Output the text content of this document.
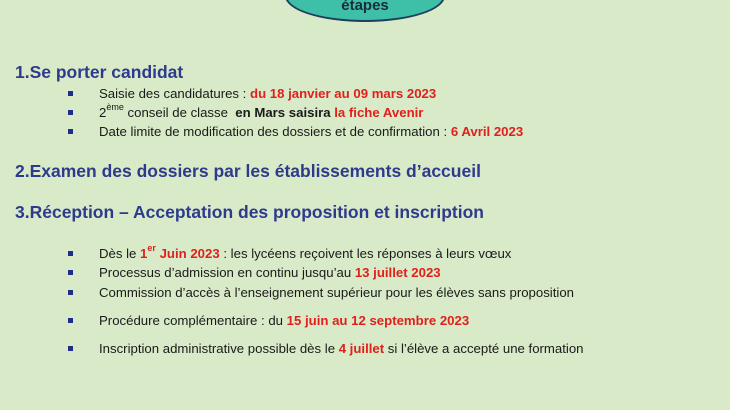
étapes
1.Se porter candidat
Saisie des candidatures : du 18 janvier au 09 mars 2023
2ème conseil de classe  en Mars saisira la fiche Avenir
Date limite de modification des dossiers et de confirmation : 6 Avril 2023
2.Examen des dossiers par les établissements d’accueil
3.Réception – Acceptation des proposition et inscription
Dès le 1er Juin 2023 : les lycéens reçoivent les réponses à leurs vœux
Processus d’admission en continu jusqu’au 13 juillet 2023
Commission d’accès à l’enseignement supérieur pour les élèves sans proposition
Procédure complémentaire : du 15 juin au 12 septembre 2023
Inscription administrative possible dès le 4 juillet si l’élève a accepté une formation
